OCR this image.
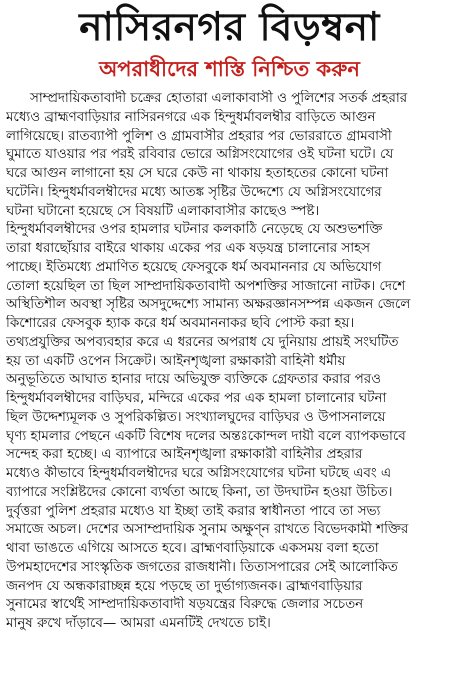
নাসিরনগর বিড়ম্বনা
অপরাধীদের শাস্তি নিশ্চিত করুন
সাম্প্রদায়িকতাবাদী চক্রের হোতারা এলাকাবাসী ও পুলিশের সতর্ক প্রহরার
মধ্যেও ব্রাহ্মণবাড়িয়ার নাসিরনগরে এক হিন্দুধর্মাবলম্বীর বাড়িতে আগুন
লাগিয়েছে। রাতব্যাপী পুলিশ ও গ্রামবাসীর প্রহরার পর ভোররাতে গ্রামবাসী
ঘুমাতে যাওয়ার পর পরই রবিবার ভোরে অগ্নিসংযোগের ওই ঘটনা ঘটে। যে
ঘরে আগুন লাগানো হয় সে ঘরে কেউ না থাকায় হতাহতের কোনো ঘটনা
ঘটেনি। হিন্দুধর্মাবলম্বীদের মধ্যে আতঙ্ক সৃষ্টির উদ্দেশ্যে যে অগ্নিসংযোগের
ঘটনা ঘটানো হয়েছে সে বিষয়টি এলাকাবাসীর কাছেও স্পষ্ট।
হিন্দুধর্মাবলম্বীদের ওপর হামলার ঘটনার কলকাঠি নেড়েছে যে অশুভশক্তি
তারা ধরাছোঁয়ার বাইরে থাকায় একের পর এক ষড়যন্ত্র চালানোর সাহস
পাচ্ছে। ইতিমধ্যে প্রমাণিত হয়েছে ফেসবুকে ধর্ম অবমাননার যে অভিযোগ
তোলা হয়েছিল তা ছিল সাম্প্রদায়িকতাবাদী অপশক্তির সাজানো নাটক। দেশে
অস্থিতিশীল অবস্থা সৃষ্টির অসদুদ্দেশ্যে সামান্য অক্ষরজ্ঞানসম্পন্ন একজন জেলে
কিশোরের ফেসবুক হ্যাক করে ধর্ম অবমাননাকর ছবি পোস্ট করা হয়।
তথ্যপ্রযুক্তির অপব্যবহার করে এ ধরনের অপরাধ যে দুনিয়ায় প্রায়ই সংঘটিত
হয় তা একটি ওপেন সিক্রেট। আইনশৃঙ্খলা রক্ষাকারী বাহিনী ধর্মীয়
অনুভূতিতে আঘাত হানার দায়ে অভিযুক্ত ব্যক্তিকে গ্রেফতার করার পরও
হিন্দুধর্মাবলম্বীদের বাড়িঘর, মন্দিরে একের পর এক হামলা চালানোর ঘটনা
ছিল উদ্দেশ্যমূলক ও সুপরিকল্পিত। সংখ্যালঘুদের বাড়িঘর ও উপাসনালয়ে
ঘৃণ্য হামলার পেছনে একটি বিশেষ দলের অন্তঃকোন্দল দায়ী বলে ব্যাপকভাবে
সন্দেহ করা হচ্ছে। এ ব্যাপারে আইনশৃঙ্খলা রক্ষাকারী বাহিনীর প্রহরার
মধ্যেও কীভাবে হিন্দুধর্মাবলম্বীদের ঘরে অগ্নিসংযোগের ঘটনা ঘটছে এবং এ
ব্যাপারে সংশ্লিষ্টদের কোনো ব্যর্থতা আছে কিনা, তা উদঘাটন হওয়া উচিত।
দুর্বৃত্তরা পুলিশ প্রহরার মধ্যেও যা ইচ্ছা তাই করার স্বাধীনতা পাবে তা সভ্য
সমাজে অচল। দেশের অসাম্প্রদায়িক সুনাম অক্ষুণ্ন রাখতে বিভেদকামী শক্তির
থাবা ভাঙতে এগিয়ে আসতে হবে। ব্রাহ্মণবাড়িয়াকে একসময় বলা হতো
উপমহাদেশের সাংস্কৃতিক জগতের রাজধানী। তিতাসপারের সেই আলোকিত
জনপদ যে অন্ধকারাচ্ছন্ন হয়ে পড়ছে তা দুর্ভাগ্যজনক। ব্রাহ্মণবাড়িয়ার
সুনামের স্বার্থেই সাম্প্রদায়িকতাবাদী ষড়যন্ত্রের বিরুদ্ধে জেলার সচেতন
মানুষ রুখে দাঁড়াবে— আমরা এমনটিই দেখতে চাই।
